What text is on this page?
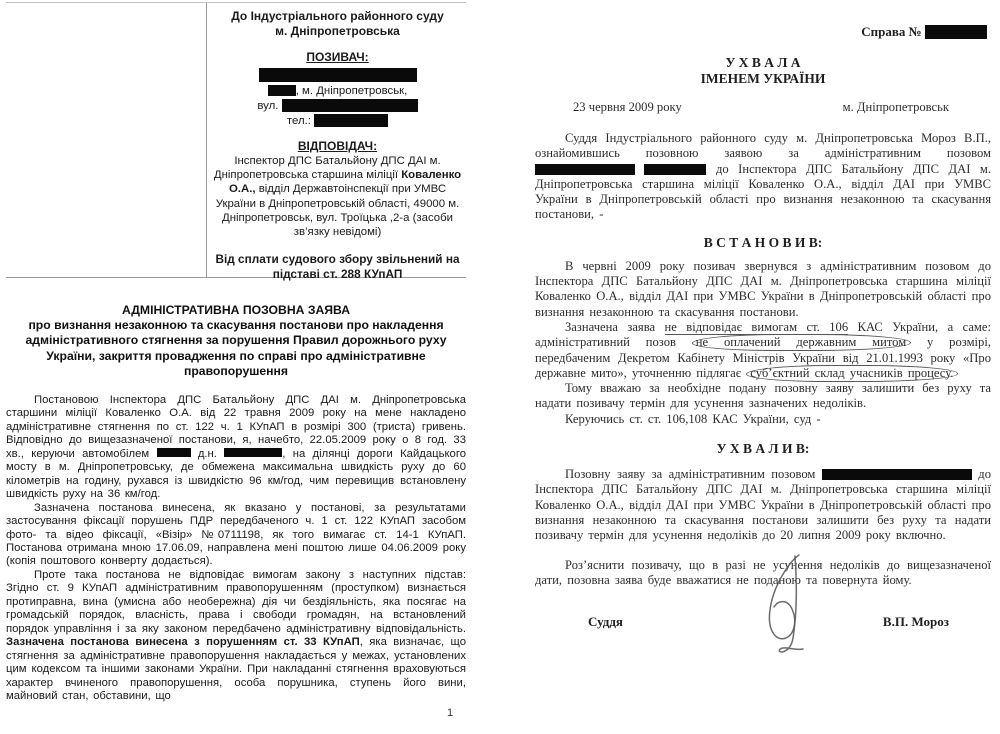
До Індустріального районного суду
м. Дніпропетровська
ПОЗИВАЧ:
, м. Дніпропетровськ,
вул.
тел.:
ВІДПОВІДАЧ:
Інспектор ДПС Батальйону ДПС ДАІ м. Дніпропетровська старшина міліції Коваленко О.А., відділ Державтоінспекції при УМВС України в Дніпропетровській області, 49000 м. Дніпропетровськ, вул. Троїцька ,2-а (засоби зв’язку невідомі)
Від сплати судового збору звільнений на підставі ст. 288 КУпАП
АДМІНІСТРАТИВНА ПОЗОВНА ЗАЯВА
про визнання незаконною та скасування постанови про накладення адміністративного стягнення за порушення Правил дорожнього руху України, закриття провадження по справі про адміністративне правопорушення

Постановою Інспектора ДПС Батальйону ДПС ДАІ м. Дніпропетровська старшини міліції Коваленко О.А. від 22 травня 2009 року на мене накладено адміністративне стягнення по ст. 122 ч. 1 КУпАП в розмірі 300 (триста) гривень. Відповідно до вищезазначеної постанови, я, начебто, 22.05.2009 року о 8 год. 33 хв., керуючи автомобілем	д.н.	, на ділянці дороги Кайдацького мосту в м. Дніпропетровську, де обмежена максимальна швидкість руху до 60 кілометрів на годину, рухався із швидкістю 96 км/год, чим перевищив встановлену швидкість руху на 36 км/год.

Зазначена постанова винесена, як вказано у постанові, за результатами застосування фіксації порушень ПДР передбаченого ч. 1 ст. 122 КУпАП засобом фото- та відео фіксації, «Візір» №0711198, як того вимагає ст. 14-1 КУпАП. Постанова отримана мною 17.06.09, направлена мені поштою лише 04.06.2009 року (копія поштового конверту додається).

Проте така постанова не відповідає вимогам закону з наступних підстав: Згідно ст. 9 КУпАП адміністративним правопорушенням (проступком) визнається протиправна, вина (умисна або необережна) дія чи бездіяльність, яка посягає на громадській порядок, власність, права і свободи громадян, на встановлений порядок управління і за яку законом передбачено адміністративну відповідальність. Зазначена постанова винесена з порушенням ст. 33 КУпАП, яка визначає, що стягнення за адміністративне правопорушення накладається у межах, установлених цим кодексом та іншими законами України. При накладанні стягнення враховуються характер вчиненого правопорушення, особа порушника, ступень його вини, майновий стан, обставини, що

1
Справа №
У Х В А Л А
ІМЕНЕМ УКРАЇНИ
23 червня 2009 року	м. Дніпропетровськ

Суддя Індустріального районного суду м. Дніпропетровська Мороз В.П., ознайомившись позовною заявою за адміністративним позовом   до Інспектора ДПС Батальйону ДПС ДАІ м. Дніпропетровська старшина міліції Коваленко О.А., відділ ДАІ при УМВС України в Дніпропетровській області про визнання незаконною та скасування постанови, -

В С Т А Н О В И В:

В червні 2009 року позивач звернувся з адміністративним позовом до Інспектора ДПС Батальйону ДПС ДАІ м. Дніпропетровська старшина міліції Коваленко О.А., відділ ДАІ при УМВС України в Дніпропетровській області про визнання незаконною та скасування постанови.

Зазначена заява не відповідає вимогам ст. 106 КАС України, а саме: адміністративний позов не оплачений державним митом у розмірі, передбаченим Декретом Кабінету Міністрів України від 21.01.1993 року «Про державне мито», уточненню підлягає суб’єктний склад учасників процесу.

Тому вважаю за необхідне подану позовну заяву залишити без руху та надати позивачу термін для усунення зазначених недоліків.

Керуючись ст. ст. 106,108 КАС України, суд -

У Х В А Л И В:

Позовну заяву за адміністративним позовом	до Інспектора ДПС Батальйону ДПС ДАІ м. Дніпропетровська старшина міліції Коваленко О.А., відділ ДАІ при УМВС України в Дніпропетровській області про визнання незаконною та скасування постанови залишити без руху та надати позивачу термін для усунення недоліків до 20 липня 2009 року включно.

Роз’яснити позивачу, що в разі не усунення недоліків до вищезазначеної дати, позовна заява буде вважатися не поданою та повернута йому.

Суддя	В.П. Мороз
